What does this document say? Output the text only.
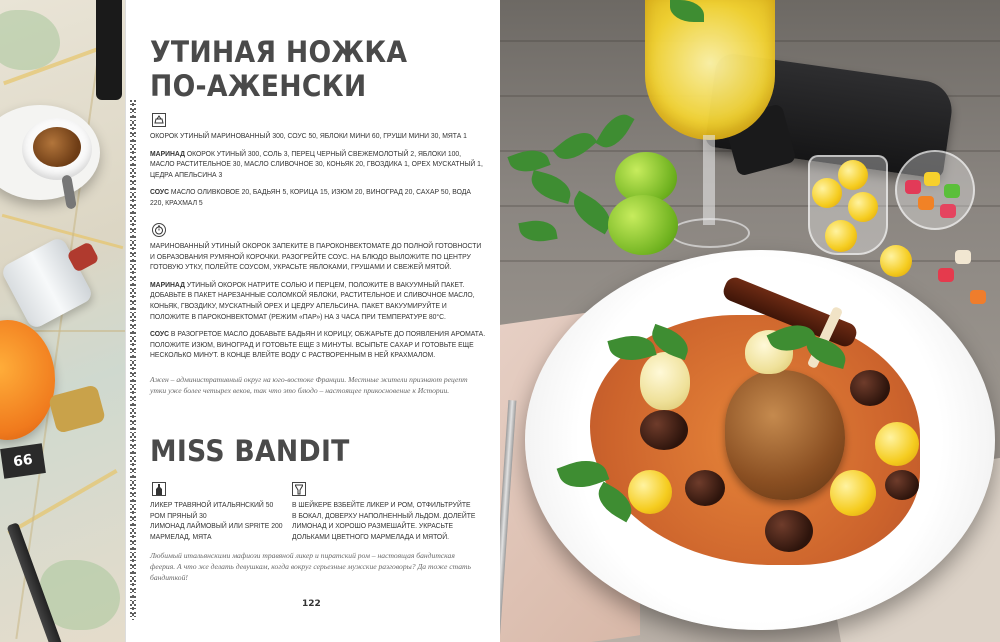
66
УТИНАЯ НОЖКА
ПО-АЖЕНСКИ

ОКОРОК УТИНЫЙ МАРИНОВАННЫЙ 300, СОУС 50, ЯБЛОКИ МИНИ 60, ГРУШИ МИНИ 30, МЯТА 1

МАРИНАД ОКОРОК УТИНЫЙ 300, СОЛЬ 3, ПЕРЕЦ ЧЕРНЫЙ СВЕЖЕМОЛОТЫЙ 2, ЯБЛОКИ 100, МАСЛО РАСТИТЕЛЬНОЕ 30, МАСЛО СЛИВОЧНОЕ 30, КОНЬЯК 20, ГВОЗДИКА 1, ОРЕХ МУСКАТНЫЙ 1, ЦЕДРА АПЕЛЬСИНА 3

СОУС МАСЛО ОЛИВКОВОЕ 20, БАДЬЯН 5, КОРИЦА 15, ИЗЮМ 20, ВИНОГРАД 20, САХАР 50, ВОДА 220, КРАХМАЛ 5

МАРИНОВАННЫЙ УТИНЫЙ ОКОРОК ЗАПЕКИТЕ В ПАРОКОНВЕКТОМАТЕ ДО ПОЛНОЙ ГОТОВНОСТИ И ОБРАЗОВАНИЯ РУМЯНОЙ КОРОЧКИ. РАЗОГРЕЙТЕ СОУС. НА БЛЮДО ВЫЛОЖИТЕ ПО ЦЕНТРУ ГОТОВУЮ УТКУ, ПОЛЕЙТЕ СОУСОМ, УКРАСЬТЕ ЯБЛОКАМИ, ГРУШАМИ И СВЕЖЕЙ МЯТОЙ.

МАРИНАД УТИНЫЙ ОКОРОК НАТРИТЕ СОЛЬЮ И ПЕРЦЕМ, ПОЛОЖИТЕ В ВАКУУМНЫЙ ПАКЕТ. ДОБАВЬТЕ В ПАКЕТ НАРЕЗАННЫЕ СОЛОМКОЙ ЯБЛОКИ, РАСТИТЕЛЬНОЕ И СЛИВОЧНОЕ МАСЛО, КОНЬЯК, ГВОЗДИКУ, МУСКАТНЫЙ ОРЕХ И ЦЕДРУ АПЕЛЬСИНА. ПАКЕТ ВАКУУМИРУЙТЕ И ПОЛОЖИТЕ В ПАРОКОНВЕКТОМАТ (РЕЖИМ «ПАР») НА 3 ЧАСА ПРИ ТЕМПЕРАТУРЕ 80°С.

СОУС В РАЗОГРЕТОЕ МАСЛО ДОБАВЬТЕ БАДЬЯН И КОРИЦУ, ОБЖАРЬТЕ ДО ПОЯВЛЕНИЯ АРОМАТА. ПОЛОЖИТЕ ИЗЮМ, ВИНОГРАД И ГОТОВЬТЕ ЕЩЕ 3 МИНУТЫ. ВСЫПЬТЕ САХАР И ГОТОВЬТЕ ЕЩЕ НЕСКОЛЬКО МИНУТ. В КОНЦЕ ВЛЕЙТЕ ВОДУ С РАСТВОРЕННЫМ В НЕЙ КРАХМАЛОМ.

Ажен – административный округ на юго-востоке Франции. Местные жители признают рецепт утки уже более четырех веков, так что это блюдо – настоящее прикосновение к Истории.
MISS BANDIT

ЛИКЕР ТРАВЯНОЙ ИТАЛЬЯНСКИЙ 50

РОМ ПРЯНЫЙ 30

ЛИМОНАД ЛАЙМОВЫЙ ИЛИ SPRITE 200

МАРМЕЛАД, МЯТА

В ШЕЙКЕРЕ ВЗБЕЙТЕ ЛИКЕР И РОМ, ОТФИЛЬТРУЙТЕ В БОКАЛ, ДОВЕРХУ НАПОЛНЕННЫЙ ЛЬДОМ. ДОЛЕЙТЕ ЛИМОНАД И ХОРОШО РАЗМЕШАЙТЕ. УКРАСЬТЕ ДОЛЬКАМИ ЦВЕТНОГО МАРМЕЛАДА И МЯТОЙ.
Любимый итальянскими мафиози травяной ликер и пиратский ром – настоящая бандитская феерия. А что же делать девушкам, когда вокруг серьезные мужские разговоры? Да тоже стать бандиткой!
122
